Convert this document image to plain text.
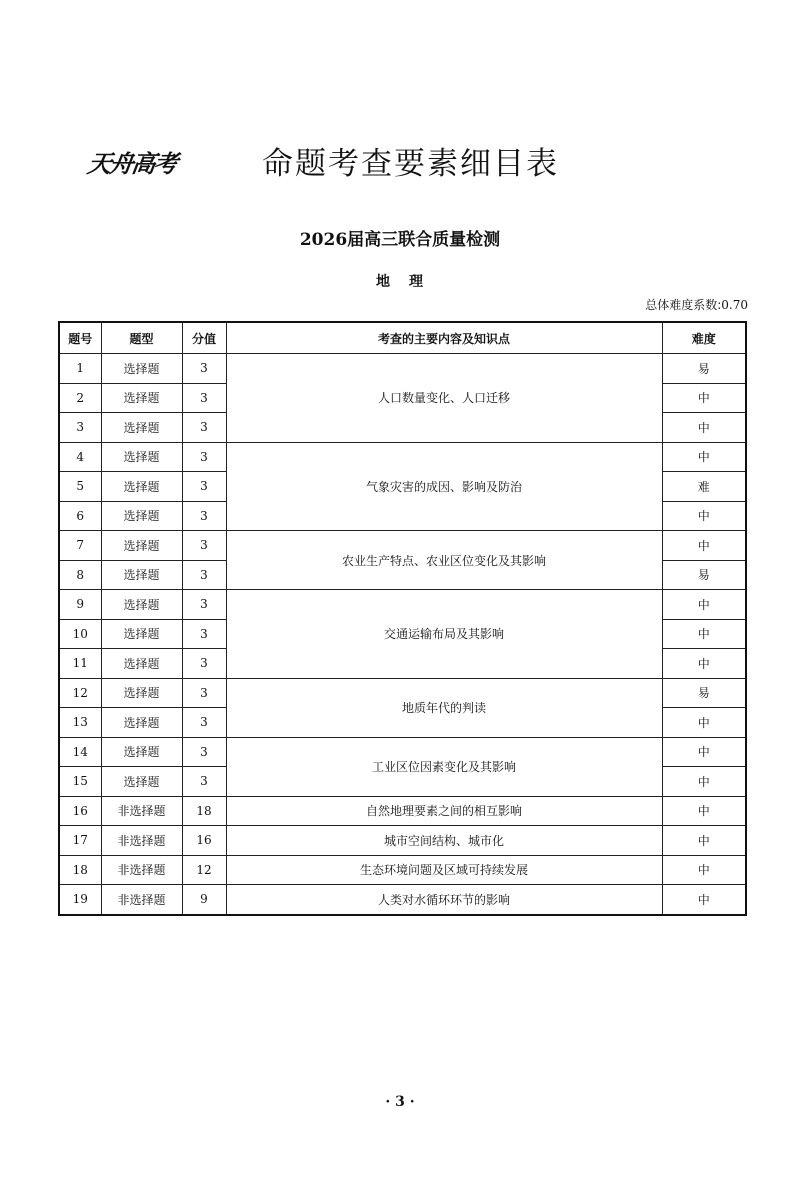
天舟高考	命题考查要素细目表
2026届高三联合质量检测
地 理
总体难度系数:0.70
题号	题型	分值	考查的主要内容及知识点	难度
1	选择题	3	人口数量变化、人口迁移	易
2	选择题	3		中
3	选择题	3		中
4	选择题	3	气象灾害的成因、影响及防治	中
5	选择题	3		难
6	选择题	3		中
7	选择题	3	农业生产特点、农业区位变化及其影响	中
8	选择题	3		易
9	选择题	3	交通运输布局及其影响	中
10	选择题	3		中
11	选择题	3		中
12	选择题	3	地质年代的判读	易
13	选择题	3		中
14	选择题	3	工业区位因素变化及其影响	中
15	选择题	3		中
16	非选择题	18	自然地理要素之间的相互影响	中
17	非选择题	16	城市空间结构、城市化	中
18	非选择题	12	生态环境问题及区域可持续发展	中
19	非选择题	9	人类对水循环环节的影响	中
· 3 ·
